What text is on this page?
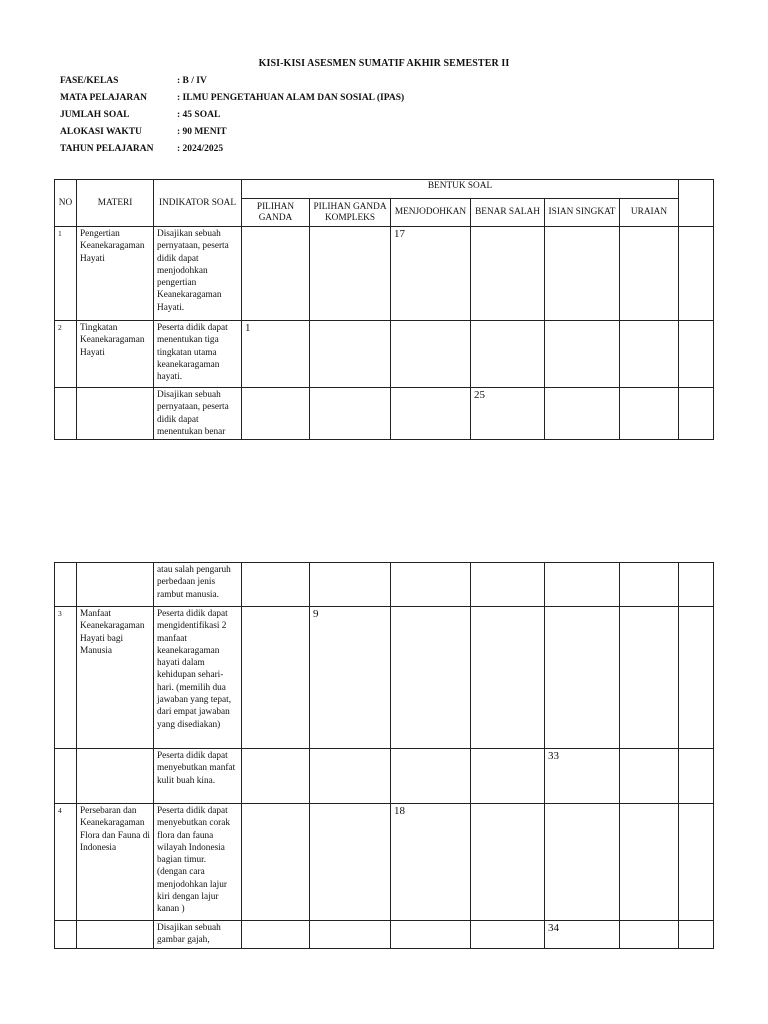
KISI-KISI ASESMEN SUMATIF AKHIR SEMESTER II
FASE/KELAS	: B / IV
MATA PELAJARAN	: ILMU PENGETAHUAN ALAM DAN SOSIAL (IPAS)
JUMLAH SOAL	: 45 SOAL
ALOKASI WAKTU	: 90 MENIT
TAHUN PELAJARAN	: 2024/2025
NO	MATERI	INDIKATOR SOAL	BENTUK SOAL						
			PILIHAN GANDA	PILIHAN GANDA KOMPLEKS	MENJODOHKAN	BENAR SALAH	ISIAN SINGKAT	URAIAN	
1	Pengertian Keanekaragaman Hayati	Disajikan sebuah pernyataan, peserta didik dapat menjodohkan pengertian Keanekaragaman Hayati.			17				
2	Tingkatan Keanekaragaman Hayati	Peserta didik dapat menentukan tiga tingkatan utama keanekaragaman hayati.	1						
		Disajikan sebuah pernyataan, peserta didik dapat menentukan benar				25			
		atau salah pengaruh perbedaan jenis rambut manusia.							
3	Manfaat Keanekaragaman Hayati bagi Manusia	Peserta didik dapat mengidentifikasi 2 manfaat keanekaragaman hayati dalam kehidupan sehari-hari. (memilih dua jawaban yang tepat, dari empat jawaban yang disediakan)		9					
		Peserta didik dapat menyebutkan manfat kulit buah kina.					33		
4	Persebaran dan Keanekaragaman Flora dan Fauna di Indonesia	Peserta didik dapat menyebutkan corak flora dan fauna wilayah Indonesia bagian timur. (dengan cara menjodohkan lajur kiri dengan lajur kanan )			18				
		Disajikan sebuah gambar gajah,					34		
